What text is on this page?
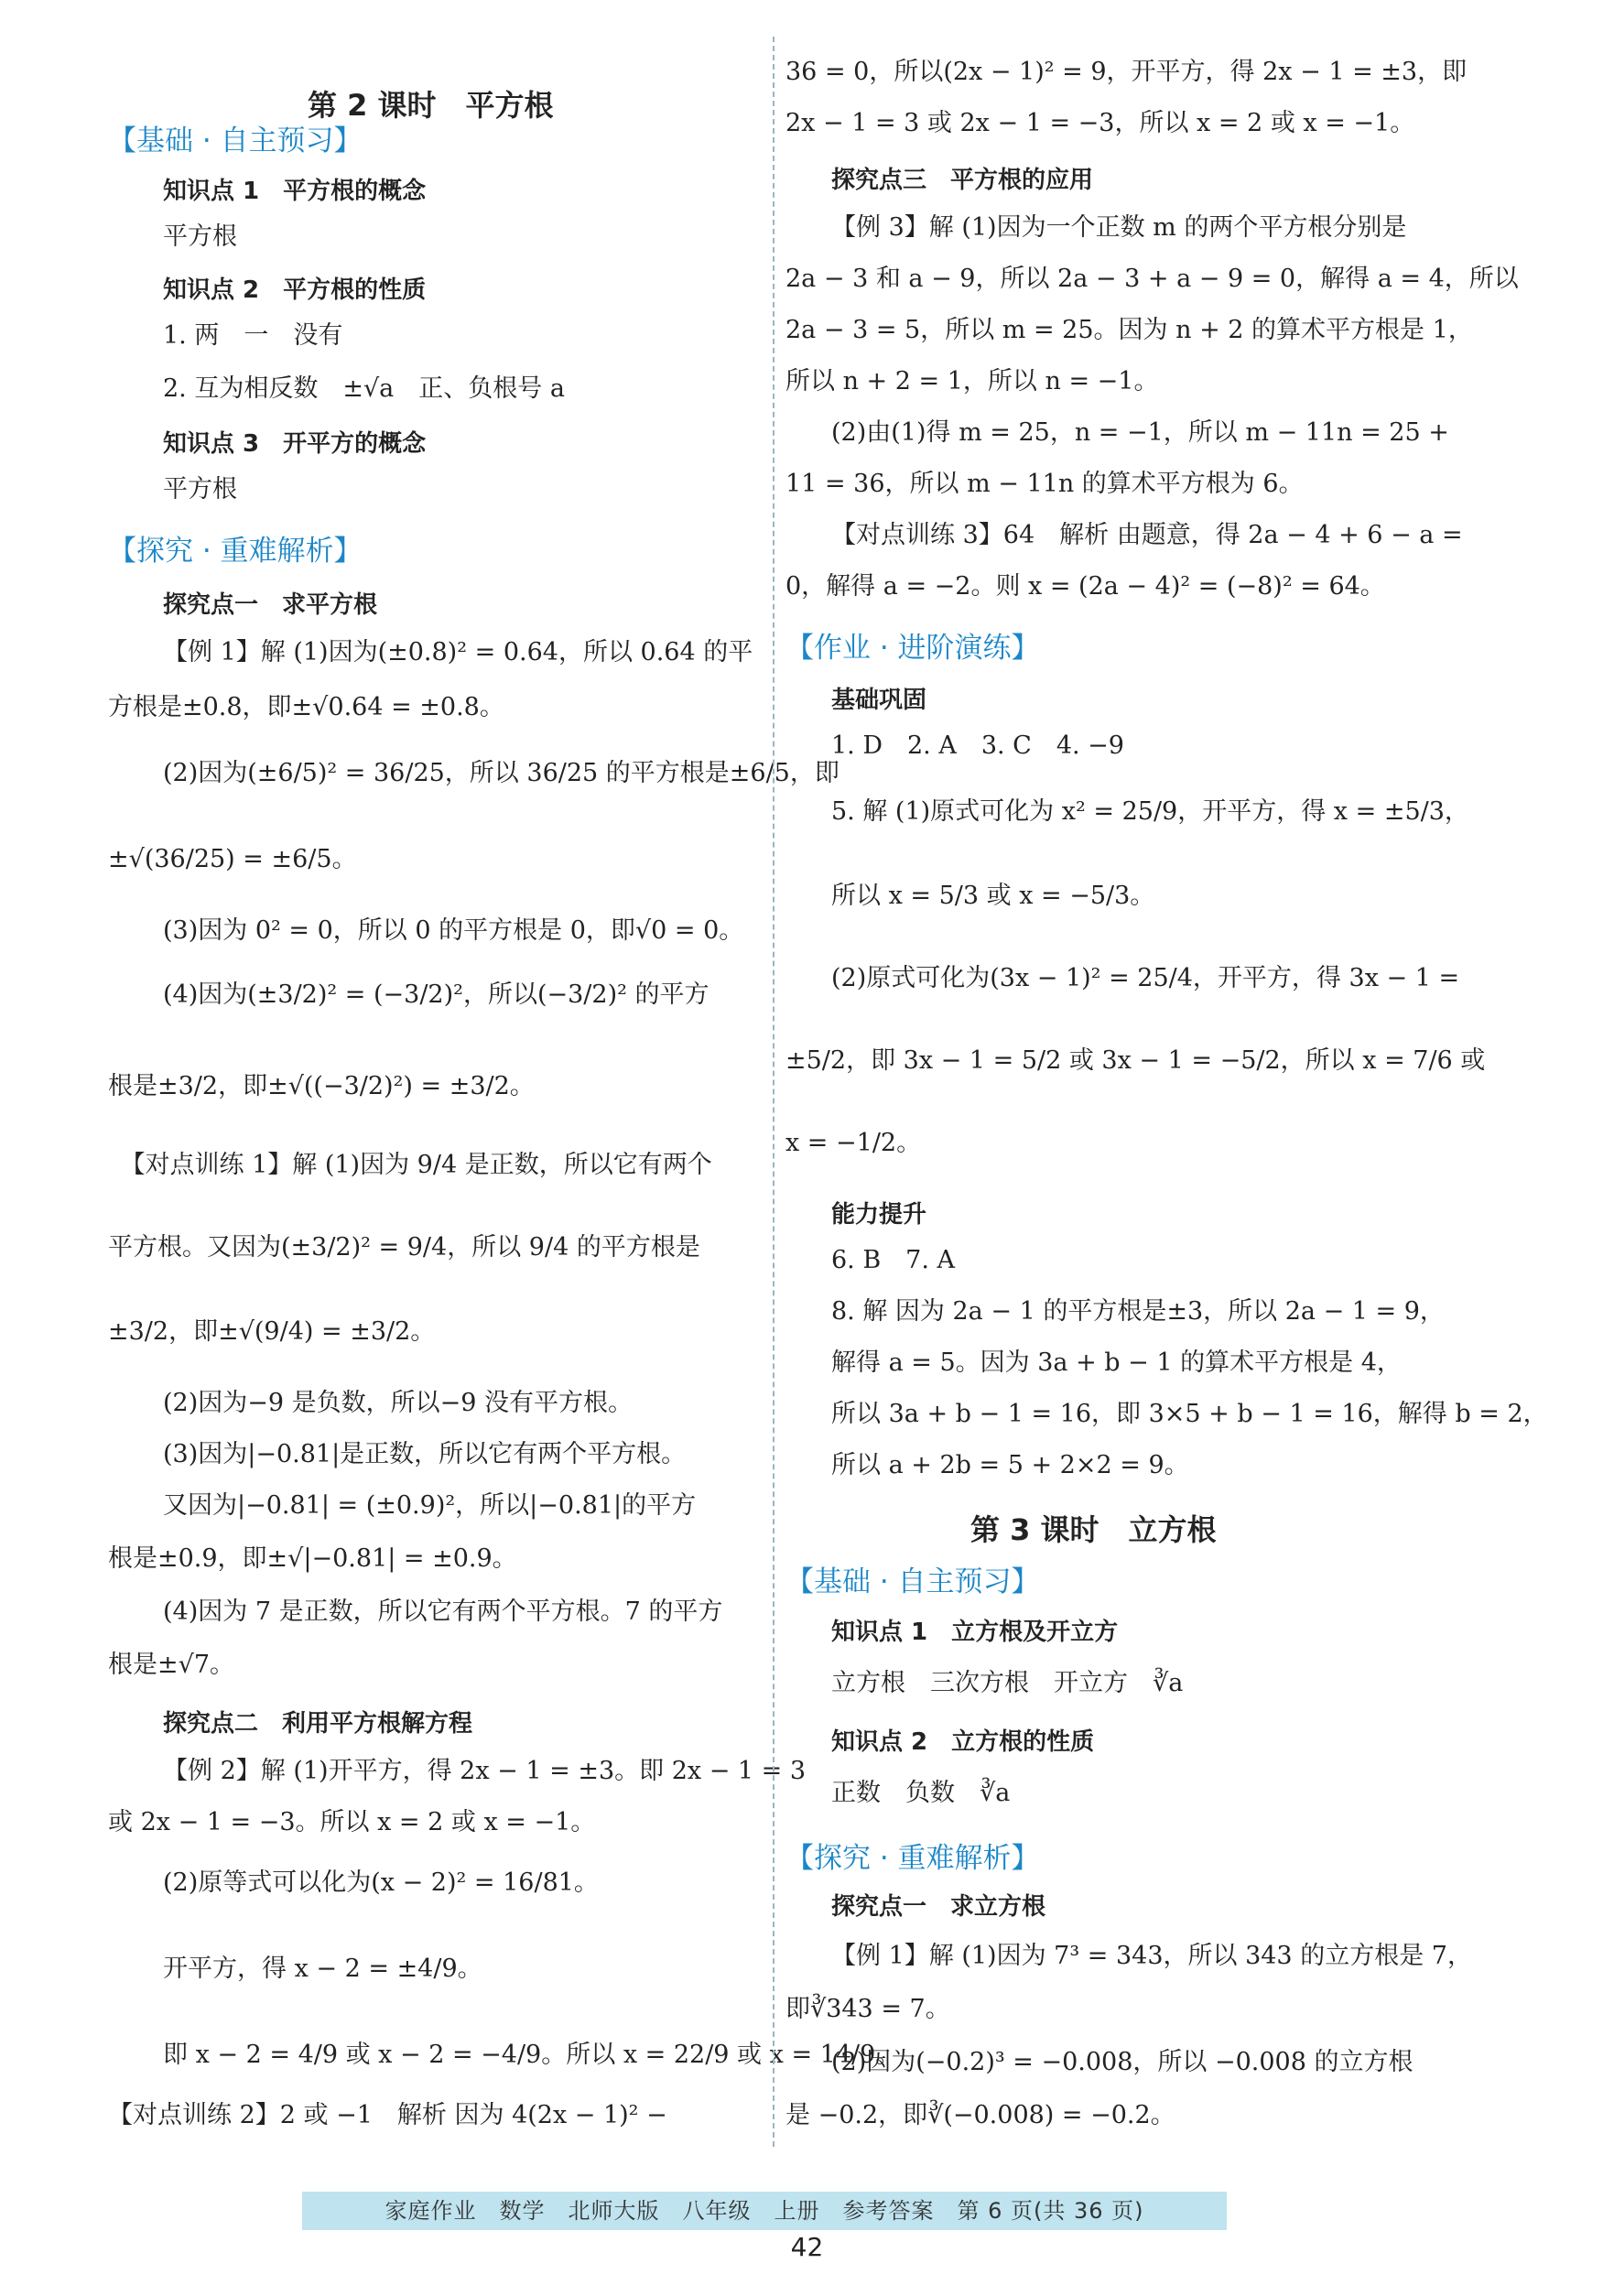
【基础 · 自主预习】
知识点 1　平方根的概念
平方根
知识点 2　平方根的性质
1. 两　一　没有
2. 互为相反数　±√a　正、负根号 a
知识点 3　开平方的概念
平方根
【探究 · 重难解析】
探究点一　求平方根
【例 1】解 (1)因为(±0.8)² = 0.64，所以 0.64 的平
方根是±0.8，即±√0.64 = ±0.8。
(2)因为(±6/5)² = 36/25，所以 36/25 的平方根是±6/5，即
±√(36/25) = ±6/5。
(3)因为 0² = 0，所以 0 的平方根是 0，即√0 = 0。
(4)因为(±3/2)² = (−3/2)²，所以(−3/2)² 的平方
根是±3/2，即±√((−3/2)²) = ±3/2。
　【对点训练 1】解 (1)因为 9/4 是正数，所以它有两个
平方根。又因为(±3/2)² = 9/4，所以 9/4 的平方根是
±3/2，即±√(9/4) = ±3/2。
(2)因为−9 是负数，所以−9 没有平方根。
(3)因为|−0.81|是正数，所以它有两个平方根。
又因为|−0.81| = (±0.9)²，所以|−0.81|的平方
根是±0.9，即±√|−0.81| = ±0.9。
(4)因为 7 是正数，所以它有两个平方根。7 的平方
根是±√7。
探究点二　利用平方根解方程
【例 2】解 (1)开平方，得 2x − 1 = ±3。即 2x − 1 = 3
或 2x − 1 = −3。所以 x = 2 或 x = −1。
(2)原等式可以化为(x − 2)² = 16/81。
开平方，得 x − 2 = ±4/9。
即 x − 2 = 4/9 或 x − 2 = −4/9。所以 x = 22/9 或 x = 14/9。
【对点训练 2】2 或 −1　解析 因为 4(2x − 1)² −
36 = 0，所以(2x − 1)² = 9，开平方，得 2x − 1 = ±3，即
2x − 1 = 3 或 2x − 1 = −3，所以 x = 2 或 x = −1。
探究点三　平方根的应用
【例 3】解 (1)因为一个正数 m 的两个平方根分别是
2a − 3 和 a − 9，所以 2a − 3 + a − 9 = 0，解得 a = 4，所以
2a − 3 = 5，所以 m = 25。因为 n + 2 的算术平方根是 1，
所以 n + 2 = 1，所以 n = −1。
(2)由(1)得 m = 25，n = −1，所以 m − 11n = 25 +
11 = 36，所以 m − 11n 的算术平方根为 6。
【对点训练 3】64　解析 由题意，得 2a − 4 + 6 − a =
0，解得 a = −2。则 x = (2a − 4)² = (−8)² = 64。
【作业 · 进阶演练】
基础巩固
1. D　2. A　3. C　4. −9
5. 解 (1)原式可化为 x² = 25/9，开平方，得 x = ±5/3，
所以 x = 5/3 或 x = −5/3。
(2)原式可化为(3x − 1)² = 25/4，开平方，得 3x − 1 =
±5/2，即 3x − 1 = 5/2 或 3x − 1 = −5/2，所以 x = 7/6 或
x = −1/2。
能力提升
6. B　7. A
8. 解 因为 2a − 1 的平方根是±3，所以 2a − 1 = 9，
解得 a = 5。因为 3a + b − 1 的算术平方根是 4，
所以 3a + b − 1 = 16，即 3×5 + b − 1 = 16，解得 b = 2，
所以 a + 2b = 5 + 2×2 = 9。
【基础 · 自主预习】
知识点 1　立方根及开立方
立方根　三次方根　开立方　∛a
知识点 2　立方根的性质
正数　负数　∛a
【探究 · 重难解析】
探究点一　求立方根
【例 1】解 (1)因为 7³ = 343，所以 343 的立方根是 7，
即∛343 = 7。
(2)因为(−0.2)³ = −0.008，所以 −0.008 的立方根
是 −0.2，即∛(−0.008) = −0.2。
第 2 课时　平方根
第 3 课时　立方根
家庭作业　数学　北师大版　八年级　上册　参考答案　第 6 页(共 36 页)
42
